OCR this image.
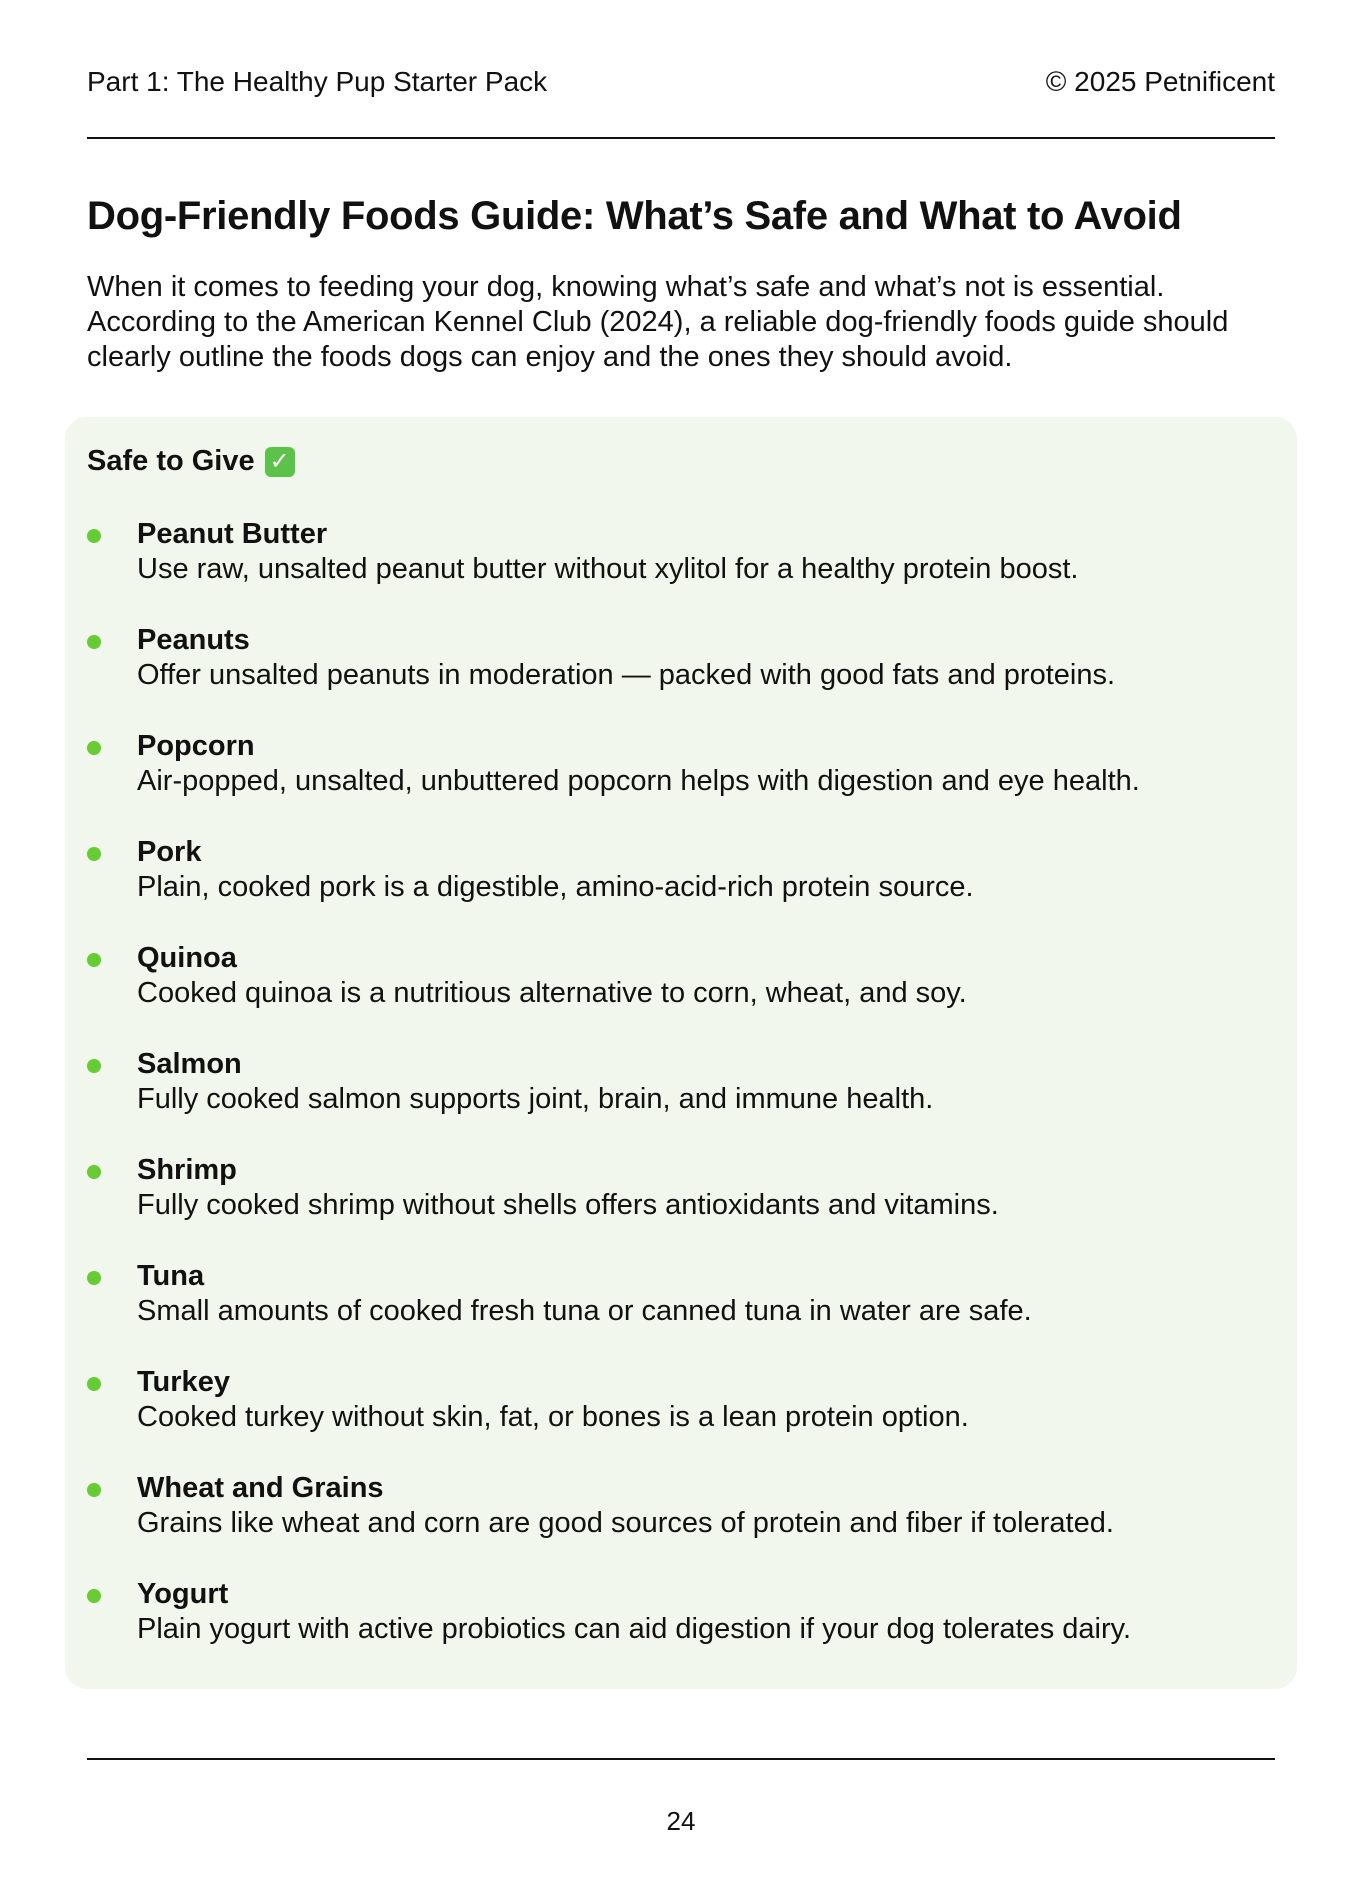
Part 1: The Healthy Pup Starter Pack	© 2025 Petnificent
Dog-Friendly Foods Guide: What’s Safe and What to Avoid

When it comes to feeding your dog, knowing what’s safe and what’s not is essential. According to the American Kennel Club (2024), a reliable dog-friendly foods guide should clearly outline the foods dogs can enjoy and the ones they should avoid.

Safe to Give ✓
Peanut Butter
Use raw, unsalted peanut butter without xylitol for a healthy protein boost.
Peanuts
Offer unsalted peanuts in moderation — packed with good fats and proteins.
Popcorn
Air-popped, unsalted, unbuttered popcorn helps with digestion and eye health.
Pork
Plain, cooked pork is a digestible, amino-acid-rich protein source.
Quinoa
Cooked quinoa is a nutritious alternative to corn, wheat, and soy.
Salmon
Fully cooked salmon supports joint, brain, and immune health.
Shrimp
Fully cooked shrimp without shells offers antioxidants and vitamins.
Tuna
Small amounts of cooked fresh tuna or canned tuna in water are safe.
Turkey
Cooked turkey without skin, fat, or bones is a lean protein option.
Wheat and Grains
Grains like wheat and corn are good sources of protein and fiber if tolerated.
Yogurt
Plain yogurt with active probiotics can aid digestion if your dog tolerates dairy.
24
